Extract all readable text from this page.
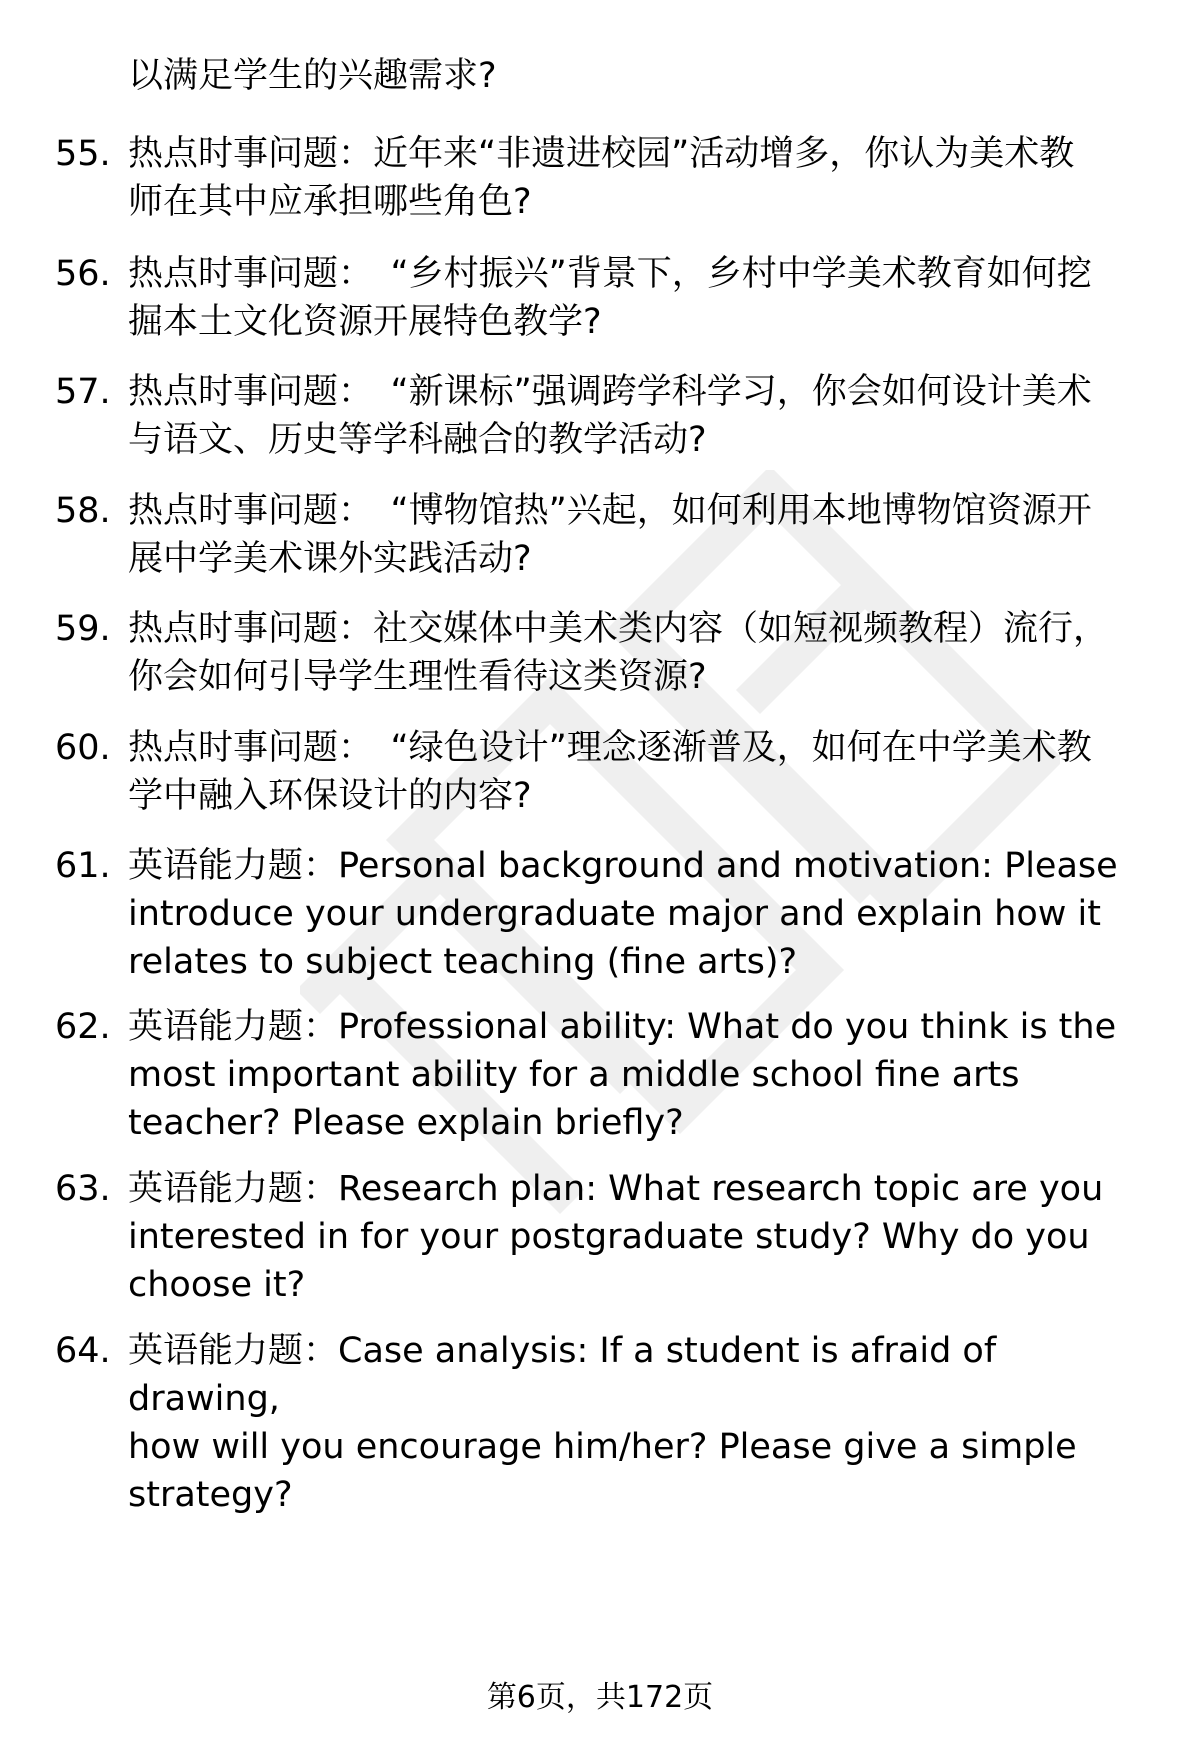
以满足学生的兴趣需求?
55. 热点时事问题：近年来“非遗进校园”活动增多，你认为美术教
师在其中应承担哪些角色?
56. 热点时事问题：　“乡村振兴”背景下，乡村中学美术教育如何挖
掘本土文化资源开展特色教学?
57. 热点时事问题：　“新课标”强调跨学科学习，你会如何设计美术
与语文、历史等学科融合的教学活动?
58. 热点时事问题：　“博物馆热”兴起，如何利用本地博物馆资源开
展中学美术课外实践活动?
59. 热点时事问题：社交媒体中美术类内容（如短视频教程）流行，
你会如何引导学生理性看待这类资源?
60. 热点时事问题：　“绿色设计”理念逐渐普及，如何在中学美术教
学中融入环保设计的内容?
61. 英语能力题：Personal background and motivation: Please
introduce your undergraduate major and explain how it
relates to subject teaching (fine arts)?
62. 英语能力题：Professional ability: What do you think is the
most important ability for a middle school fine arts
teacher? Please explain briefly?
63. 英语能力题：Research plan: What research topic are you
interested in for your postgraduate study? Why do you
choose it?
64. 英语能力题：Case analysis: If a student is afraid of drawing,
how will you encourage him/her? Please give a simple
strategy?
第6页，共172页
